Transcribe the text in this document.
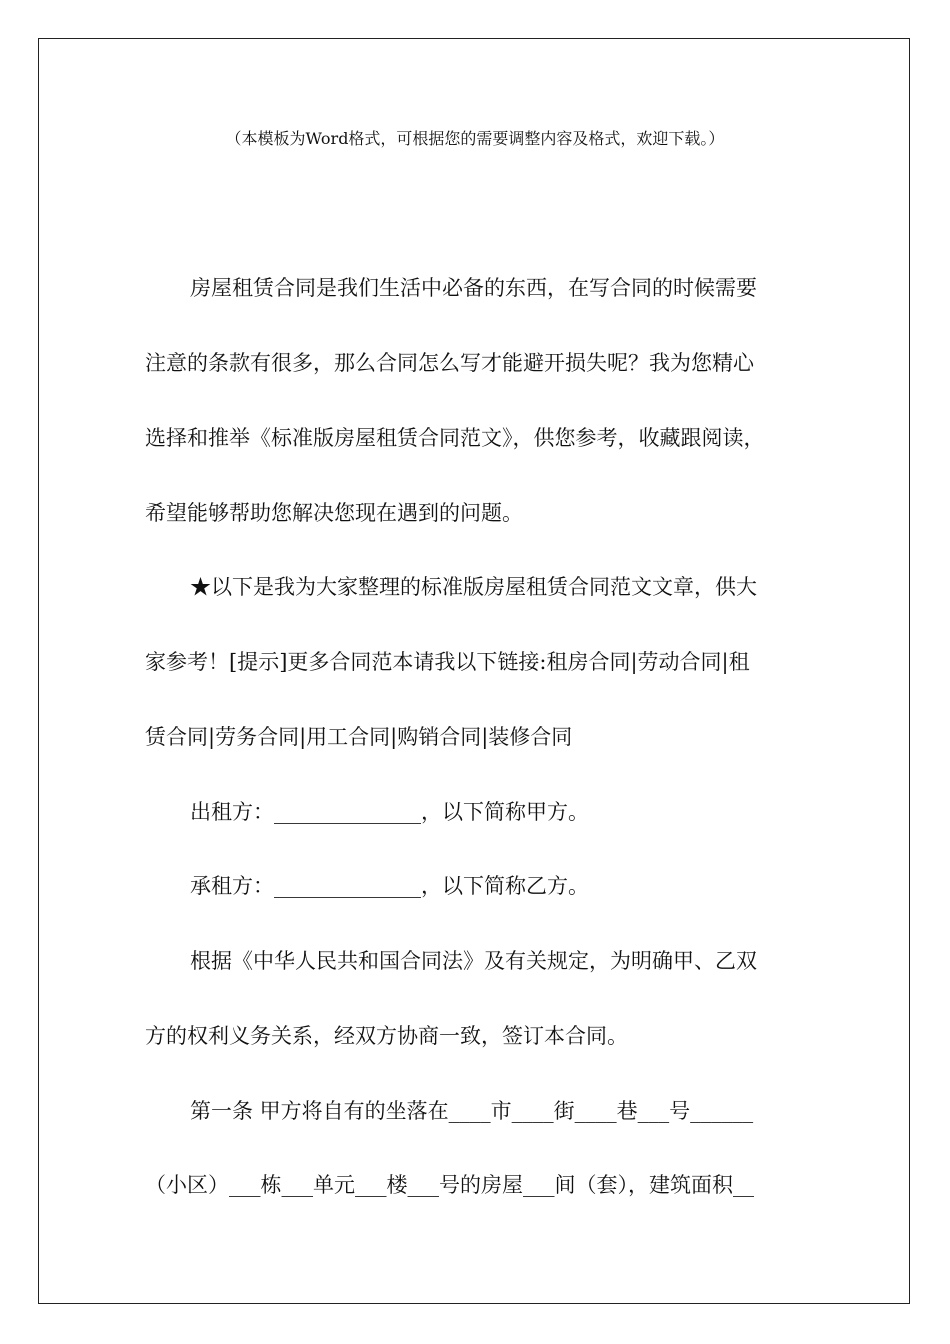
（本模板为Word格式，可根据您的需要调整内容及格式，欢迎下载。）
房屋租赁合同是我们生活中必备的东西，在写合同的时候需要
注意的条款有很多，那么合同怎么写才能避开损失呢？我为您精心
选择和推举《标准版房屋租赁合同范文》，供您参考，收藏跟阅读，
希望能够帮助您解决您现在遇到的问题。
★以下是我为大家整理的标准版房屋租赁合同范文文章，供大
家参考！[提示]更多合同范本请我以下链接:租房合同|劳动合同|租
赁合同|劳务合同|用工合同|购销合同|装修合同
出租方：______________，以下简称甲方。
承租方：______________，以下简称乙方。
根据《中华人民共和国合同法》及有关规定，为明确甲、乙双
方的权利义务关系，经双方协商一致，签订本合同。
第一条 甲方将自有的坐落在____市____街____巷___号______
（小区）___栋___单元___楼___号的房屋___间（套），建筑面积__
